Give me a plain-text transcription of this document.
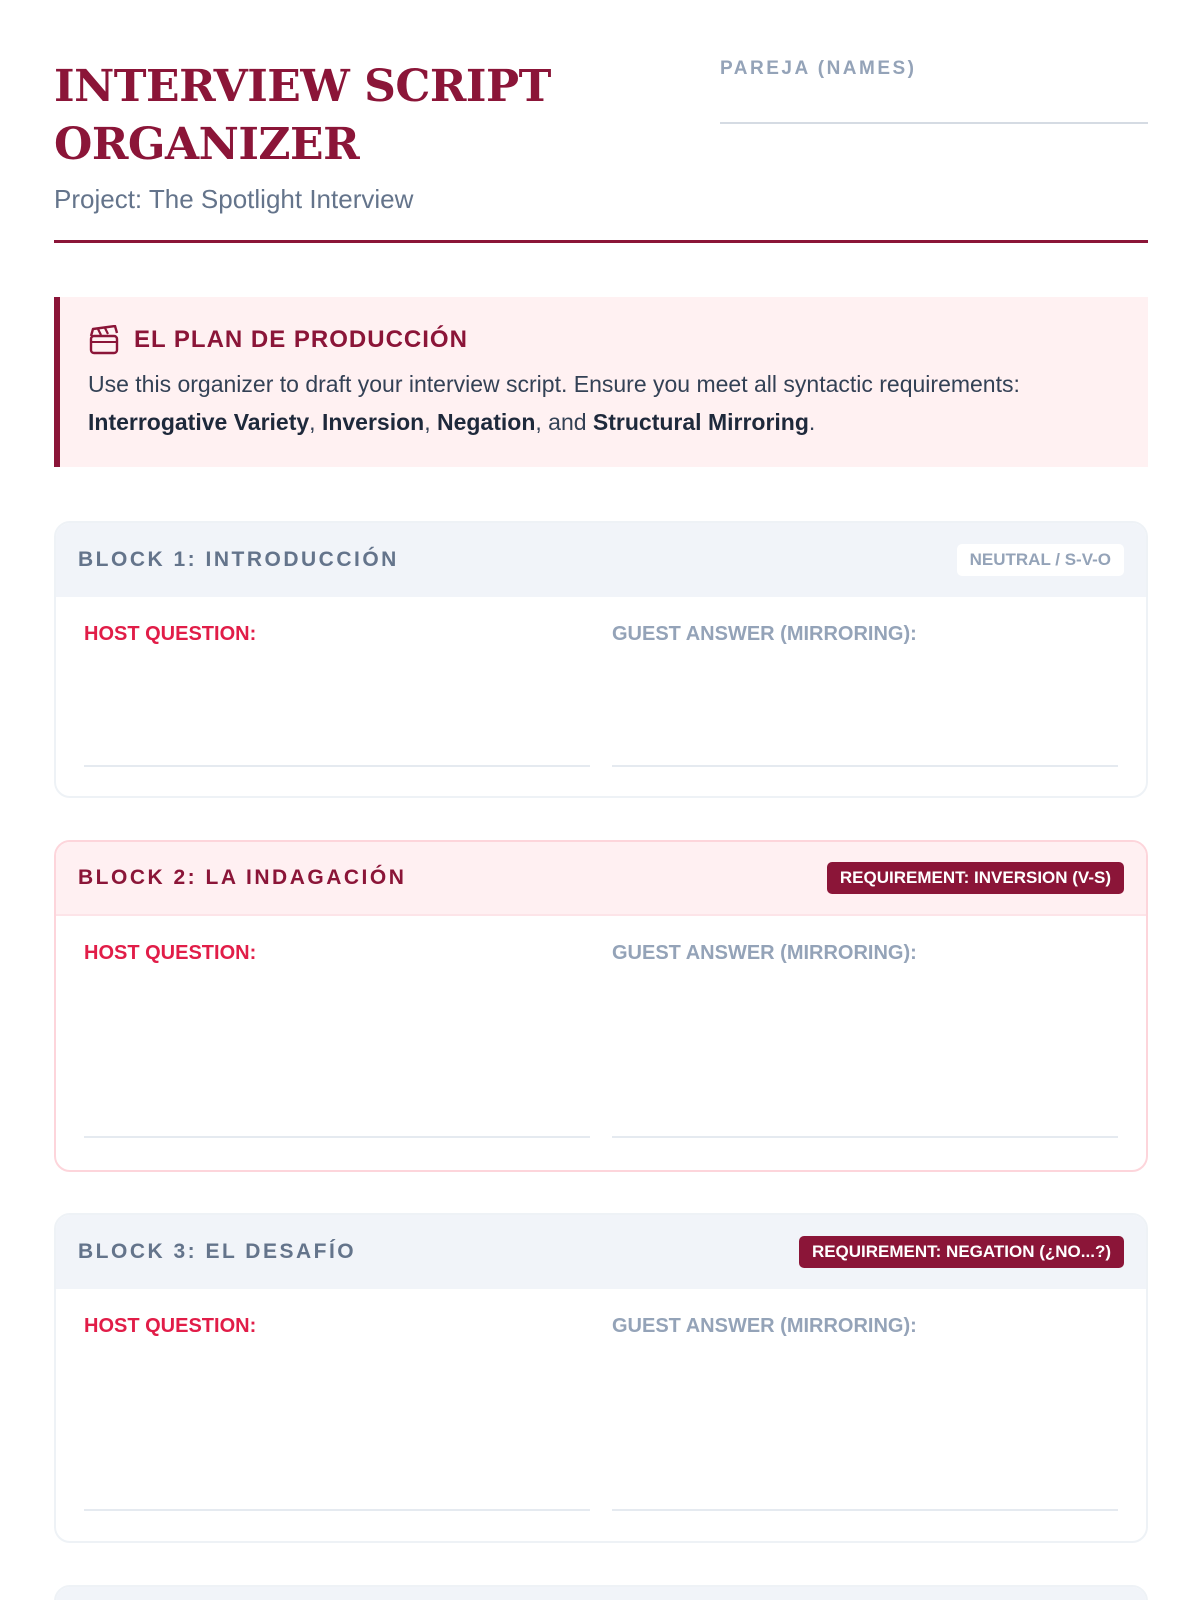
INTERVIEW SCRIPT ORGANIZER
Project: The Spotlight Interview
PAREJA (NAMES)
EL PLAN DE PRODUCCIÓN
Use this organizer to draft your interview script. Ensure you meet all syntactic requirements: Interrogative Variety, Inversion, Negation, and Structural Mirroring.
BLOCK 1: INTRODUCCIÓN	NEUTRAL / S-V-O
HOST QUESTION:	GUEST ANSWER (MIRRORING):
BLOCK 2: LA INDAGACIÓN	REQUIREMENT: INVERSION (V-S)
HOST QUESTION:	GUEST ANSWER (MIRRORING):
BLOCK 3: EL DESAFÍO	REQUIREMENT: NEGATION (¿NO...?)
HOST QUESTION:	GUEST ANSWER (MIRRORING):
